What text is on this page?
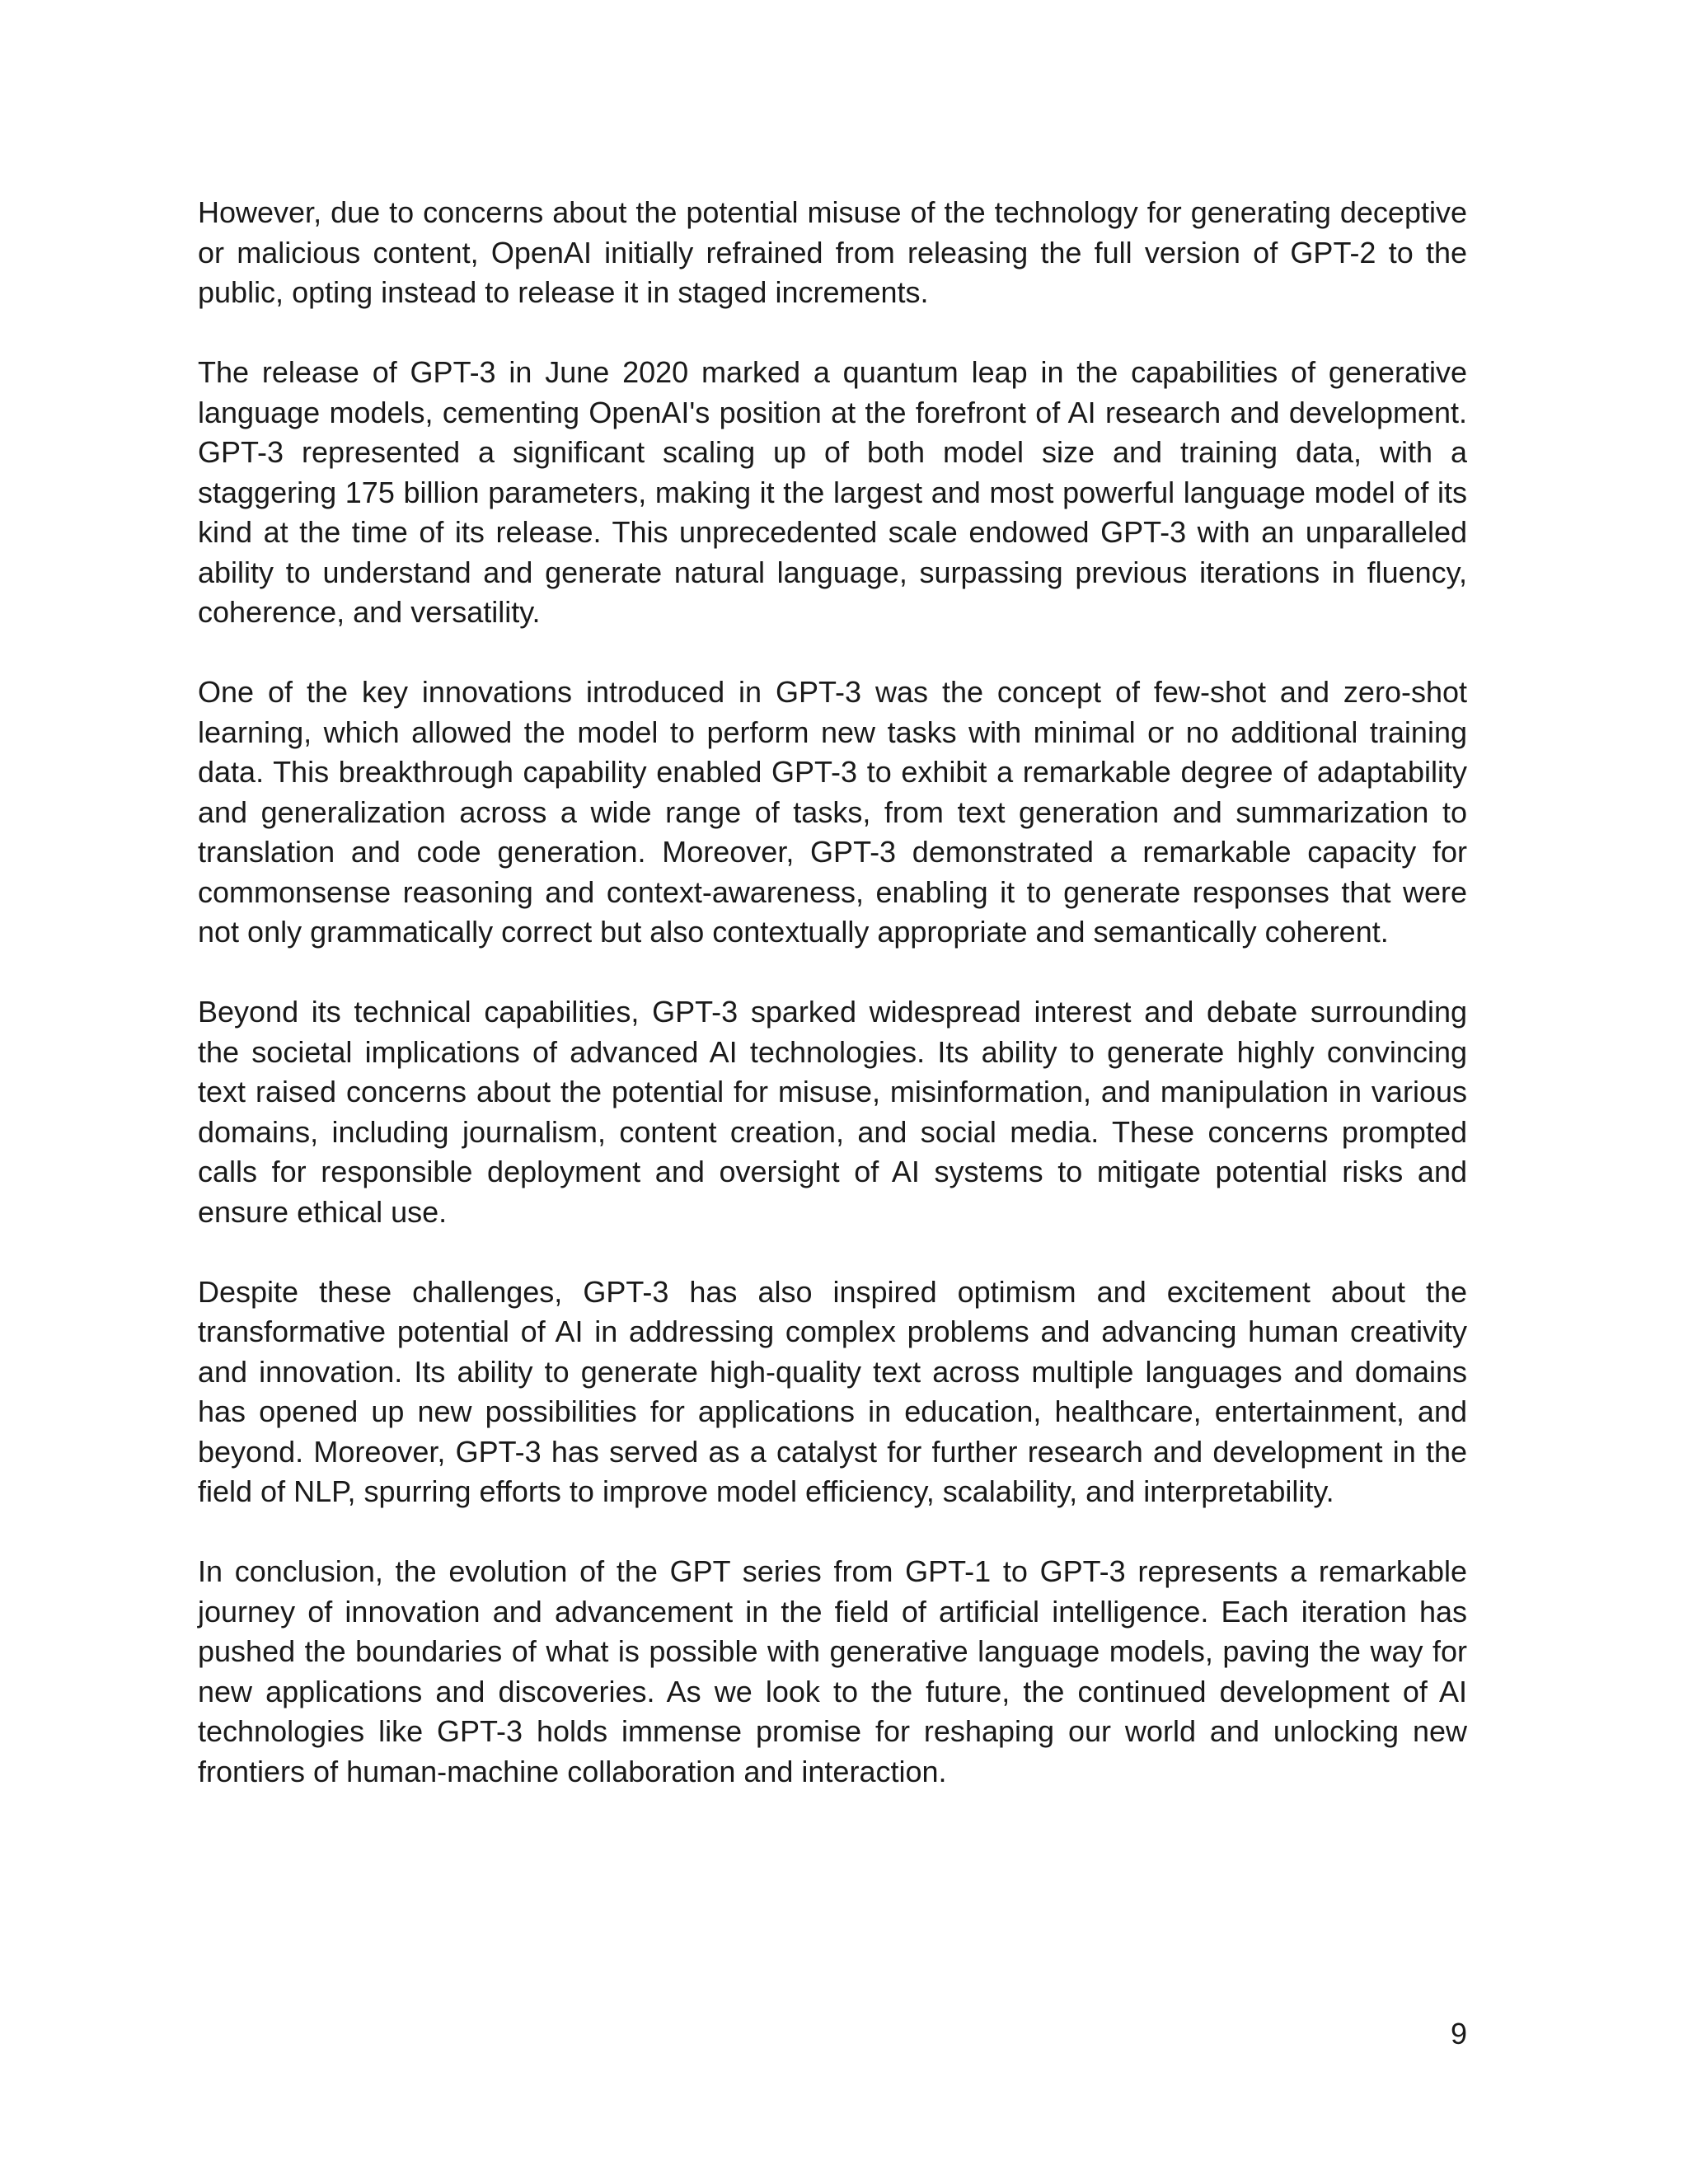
However, due to concerns about the potential misuse of the technology for generating deceptive or malicious content, OpenAI initially refrained from releasing the full version of GPT-2 to the public, opting instead to release it in staged increments.

The release of GPT-3 in June 2020 marked a quantum leap in the capabilities of generative language models, cementing OpenAI's position at the forefront of AI research and development. GPT-3 represented a significant scaling up of both model size and training data, with a staggering 175 billion parameters, making it the largest and most powerful language model of its kind at the time of its release. This unprecedented scale endowed GPT-3 with an unparalleled ability to understand and generate natural language, surpassing previous iterations in fluency, coherence, and versatility.

One of the key innovations introduced in GPT-3 was the concept of few-shot and zero-shot learning, which allowed the model to perform new tasks with minimal or no additional training data. This breakthrough capability enabled GPT-3 to exhibit a remarkable degree of adaptability and generalization across a wide range of tasks, from text generation and summarization to translation and code generation. Moreover, GPT-3 demonstrated a remarkable capacity for commonsense reasoning and context-awareness, enabling it to generate responses that were not only grammatically correct but also contextually appropriate and semantically coherent.

Beyond its technical capabilities, GPT-3 sparked widespread interest and debate surrounding the societal implications of advanced AI technologies. Its ability to generate highly convincing text raised concerns about the potential for misuse, misinformation, and manipulation in various domains, including journalism, content creation, and social media. These concerns prompted calls for responsible deployment and oversight of AI systems to mitigate potential risks and ensure ethical use.

Despite these challenges, GPT-3 has also inspired optimism and excitement about the transformative potential of AI in addressing complex problems and advancing human creativity and innovation. Its ability to generate high-quality text across multiple languages and domains has opened up new possibilities for applications in education, healthcare, entertainment, and beyond. Moreover, GPT-3 has served as a catalyst for further research and development in the field of NLP, spurring efforts to improve model efficiency, scalability, and interpretability.

In conclusion, the evolution of the GPT series from GPT-1 to GPT-3 represents a remarkable journey of innovation and advancement in the field of artificial intelligence. Each iteration has pushed the boundaries of what is possible with generative language models, paving the way for new applications and discoveries. As we look to the future, the continued development of AI technologies like GPT-3 holds immense promise for reshaping our world and unlocking new frontiers of human-machine collaboration and interaction.

9
